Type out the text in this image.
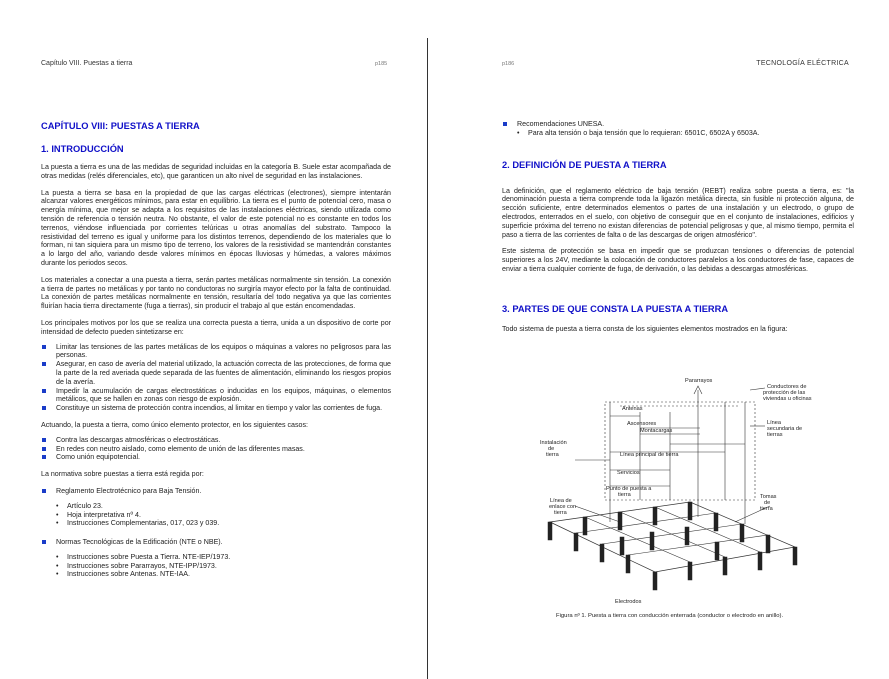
Capítulo VIII. Puestas a tierra	p185
CAPÍTULO VIII: PUESTAS A TIERRA
1. INTRODUCCIÓN

La puesta a tierra es una de las medidas de seguridad incluidas en la categoría B. Suele estar acompañada de otras medidas (relés diferenciales, etc), que garanticen un alto nivel de seguridad en las instalaciones.

La puesta a tierra se basa en la propiedad de que las cargas eléctricas (electrones), siempre intentarán alcanzar valores energéticos mínimos, para estar en equilibrio. La tierra es el punto de potencial cero, masa o energía mínima, que mejor se adapta a los requisitos de las instalaciones eléctricas, siendo utilizada como tensión de referencia o tensión neutra. No obstante, el valor de este potencial no es constante en todos los terrenos, viéndose influenciada por corrientes telúricas u otras anomalías del substrato. Tampoco la resistividad del terreno es igual y uniforme para los distintos terrenos, dependiendo de los materiales que lo forman, ni tan siquiera para un mismo tipo de terreno, los valores de la resistividad se mantendrán constantes a lo largo del año, variando desde valores mínimos en épocas lluviosas y húmedas, a valores máximos durante los periodos secos.

Los materiales a conectar a una puesta a tierra, serán partes metálicas normalmente sin tensión. La conexión a tierra de partes no metálicas y por tanto no conductoras no surgiría mayor efecto por la falta de continuidad. La conexión de partes metálicas normalmente en tensión, resultaría del todo negativa ya que las corrientes fluirían hacia tierra directamente (fuga a tierras), sin producir el trabajo al que están encomendadas.

Los principales motivos por los que se realiza una correcta puesta a tierra, unida a un dispositivo de corte por intensidad de defecto pueden sintetizarse en:

Limitar las tensiones de las partes metálicas de los equipos o máquinas a valores no peligrosos para las personas.
Asegurar, en caso de avería del material utilizado, la actuación correcta de las protecciones, de forma que la parte de la red averiada quede separada de las fuentes de alimentación, eliminando los riesgos propios de la avería.
Impedir la acumulación de cargas electrostáticas o inducidas en los equipos, máquinas, o elementos metálicos, que se hallen en zonas con riesgo de explosión.
Constituye un sistema de protección contra incendios, al limitar en tiempo y valor las corrientes de fuga.

Actuando, la puesta a tierra, como único elemento protector, en los siguientes casos:

Contra las descargas atmosféricas o electrostáticas.
En redes con neutro aislado, como elemento de unión de las diferentes masas.
Como unión equipotencial.

La normativa sobre puestas a tierra está regida por:

Reglamento Electrotécnico para Baja Tensión.
• Artículo 23.
• Hoja interpretativa nº 4.
• Instrucciones Complementarias, 017, 023 y 039.
Normas Tecnológicas de la Edificación (NTE o NBE).
• Instrucciones sobre Puesta a Tierra. NTE-IEP/1973.
• Instrucciones sobre Pararrayos, NTE-IPP/1973.
• Instrucciones sobre Antenas. NTE-IAA.
p186	TECNOLOGÍA ELÉCTRICA
Recomendaciones UNESA.
• Para alta tensión o baja tensión que lo requieran: 6501C, 6502A y 6503A.
2. DEFINICIÓN DE PUESTA A TIERRA

La definición, que el reglamento eléctrico de baja tensión (REBT) realiza sobre puesta a tierra, es: "la denominación puesta a tierra comprende toda la ligazón metálica directa, sin fusible ni protección alguna, de sección suficiente, entre determinados elementos o partes de una instalación y un electrodo, o grupo de electrodos, enterrados en el suelo, con objetivo de conseguir que en el conjunto de instalaciones, edificios y superficie próxima del terreno no existan diferencias de potencial peligrosas y que, al mismo tiempo, permita el paso a tierra de las corrientes de falta o de las descargas de origen atmosférico".

Este sistema de protección se basa en impedir que se produzcan tensiones o diferencias de potencial superiores a los 24V, mediante la colocación de conductores paralelos a los conductores de fase, capaces de enviar a tierra cualquier corriente de fuga, de derivación, o las debidas a descargas atmosféricas.

3. PARTES DE QUE CONSTA LA PUESTA A TIERRA

Todo sistema de puesta a tierra consta de los siguientes elementos mostrados en la figura:

Pararrayos
Conductores de
protección de las
viviendas u oficinas
Antenas
Ascensores
Montacargas
Línea
secundaria de
tierras
Instalación
de
tierra	Línea principal de tierra
Servicios
Punto de puesta a
tierra
Línea de
enlace con
tierra
Tomas
de
tierra
Electrodos
Figura nº 1. Puesta a tierra con conducción enterrada (conductor o electrodo en anillo).
